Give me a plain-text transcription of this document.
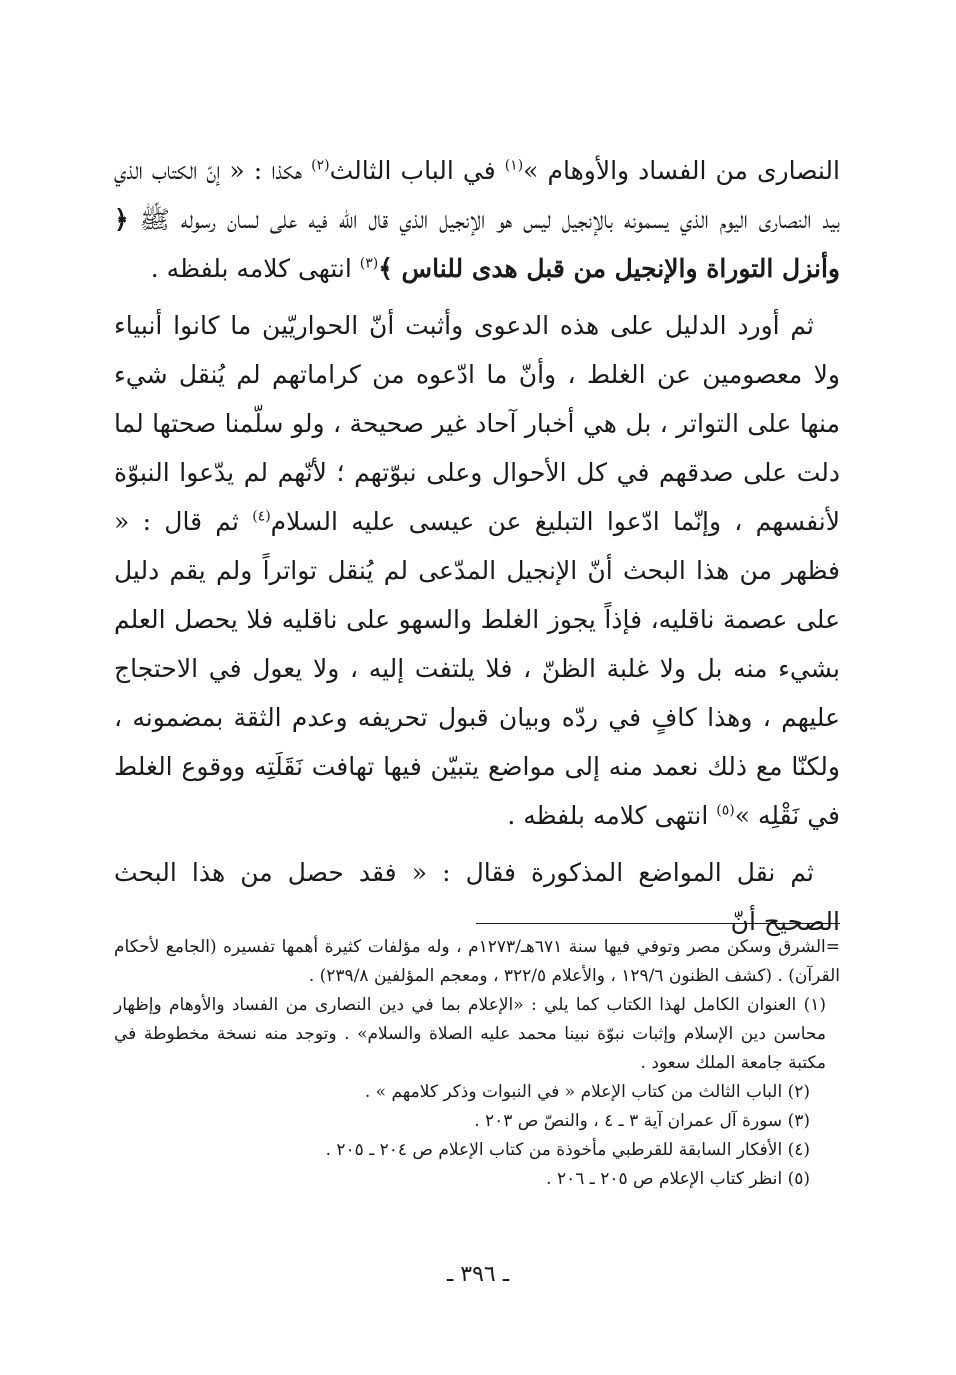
النصارى من الفساد والأوهام »$^{(١)}$ في الباب الثالث$^{(٢)}$ هكذا : « إنّ الكتاب الذي بيد النصارى اليوم الذي يسمونه بالإنجيل ليس هو الإنجيل الذي قال الله فيه على لسان رسوله ﷺ ﴿ وأنزل التوراة والإنجيل من قبل هدى للناس ﴾$^{(٣)}$ انتهى كلامه بلفظه .

ثم أورد الدليل على هذه الدعوى وأثبت أنّ الحواريّين ما كانوا أنبياء ولا معصومين عن الغلط ، وأنّ ما ادّعوه من كراماتهم لم يُنقل شيء منها على التواتر ، بل هي أخبار آحاد غير صحيحة ، ولو سلّمنا صحتها لما دلت على صدقهم في كل الأحوال وعلى نبوّتهم ؛ لأنّهم لم يدّعوا النبوّة لأنفسهم ، وإنّما ادّعوا التبليغ عن عيسى عليه السلام$^{(٤)}$ ثم قال : « فظهر من هذا البحث أنّ الإنجيل المدّعى لم يُنقل تواتراً ولم يقم دليل على عصمة ناقليه، فإذاً يجوز الغلط والسهو على ناقليه فلا يحصل العلم بشيء منه بل ولا غلبة الظنّ ، فلا يلتفت إليه ، ولا يعول في الاحتجاج عليهم ، وهذا كافٍ في ردّه وبيان قبول تحريفه وعدم الثقة بمضمونه ، ولكنّا مع ذلك نعمد منه إلى مواضع يتبيّن فيها تهافت نَقَلَتِه ووقوع الغلط في نَقْلِه »$^{(٥)}$ انتهى كلامه بلفظه .

ثم نقل المواضع المذكورة فقال : « فقد حصل من هذا البحث الصحيح أنّ

=الشرق وسكن مصر وتوفي فيها سنة ٦٧١هـ/١٢٧٣م ، وله مؤلفات كثيرة أهمها تفسيره (الجامع لأحكام القرآن) . (كشف الظنون ١٢٩/٦ ، والأعلام ٣٢٢/٥ ، ومعجم المؤلفين ٢٣٩/٨) .

(١) العنوان الكامل لهذا الكتاب كما يلي : «الإعلام بما في دين النصارى من الفساد والأوهام وإظهار محاسن دين الإسلام وإثبات نبوّة نبينا محمد عليه الصلاة والسلام» . وتوجد منه نسخة مخطوطة في مكتبة جامعة الملك سعود .

(٢) الباب الثالث من كتاب الإعلام « في النبوات وذكر كلامهم » .

(٣) سورة آل عمران آية ٣ ـ ٤ ، والنصّ ص ٢٠٣ .

(٤) الأفكار السابقة للقرطبي مأخوذة من كتاب الإعلام ص ٢٠٤ ـ ٢٠٥ .

(٥) انظر كتاب الإعلام ص ٢٠٥ ـ ٢٠٦ .

ـ ٣٩٦ ـ
